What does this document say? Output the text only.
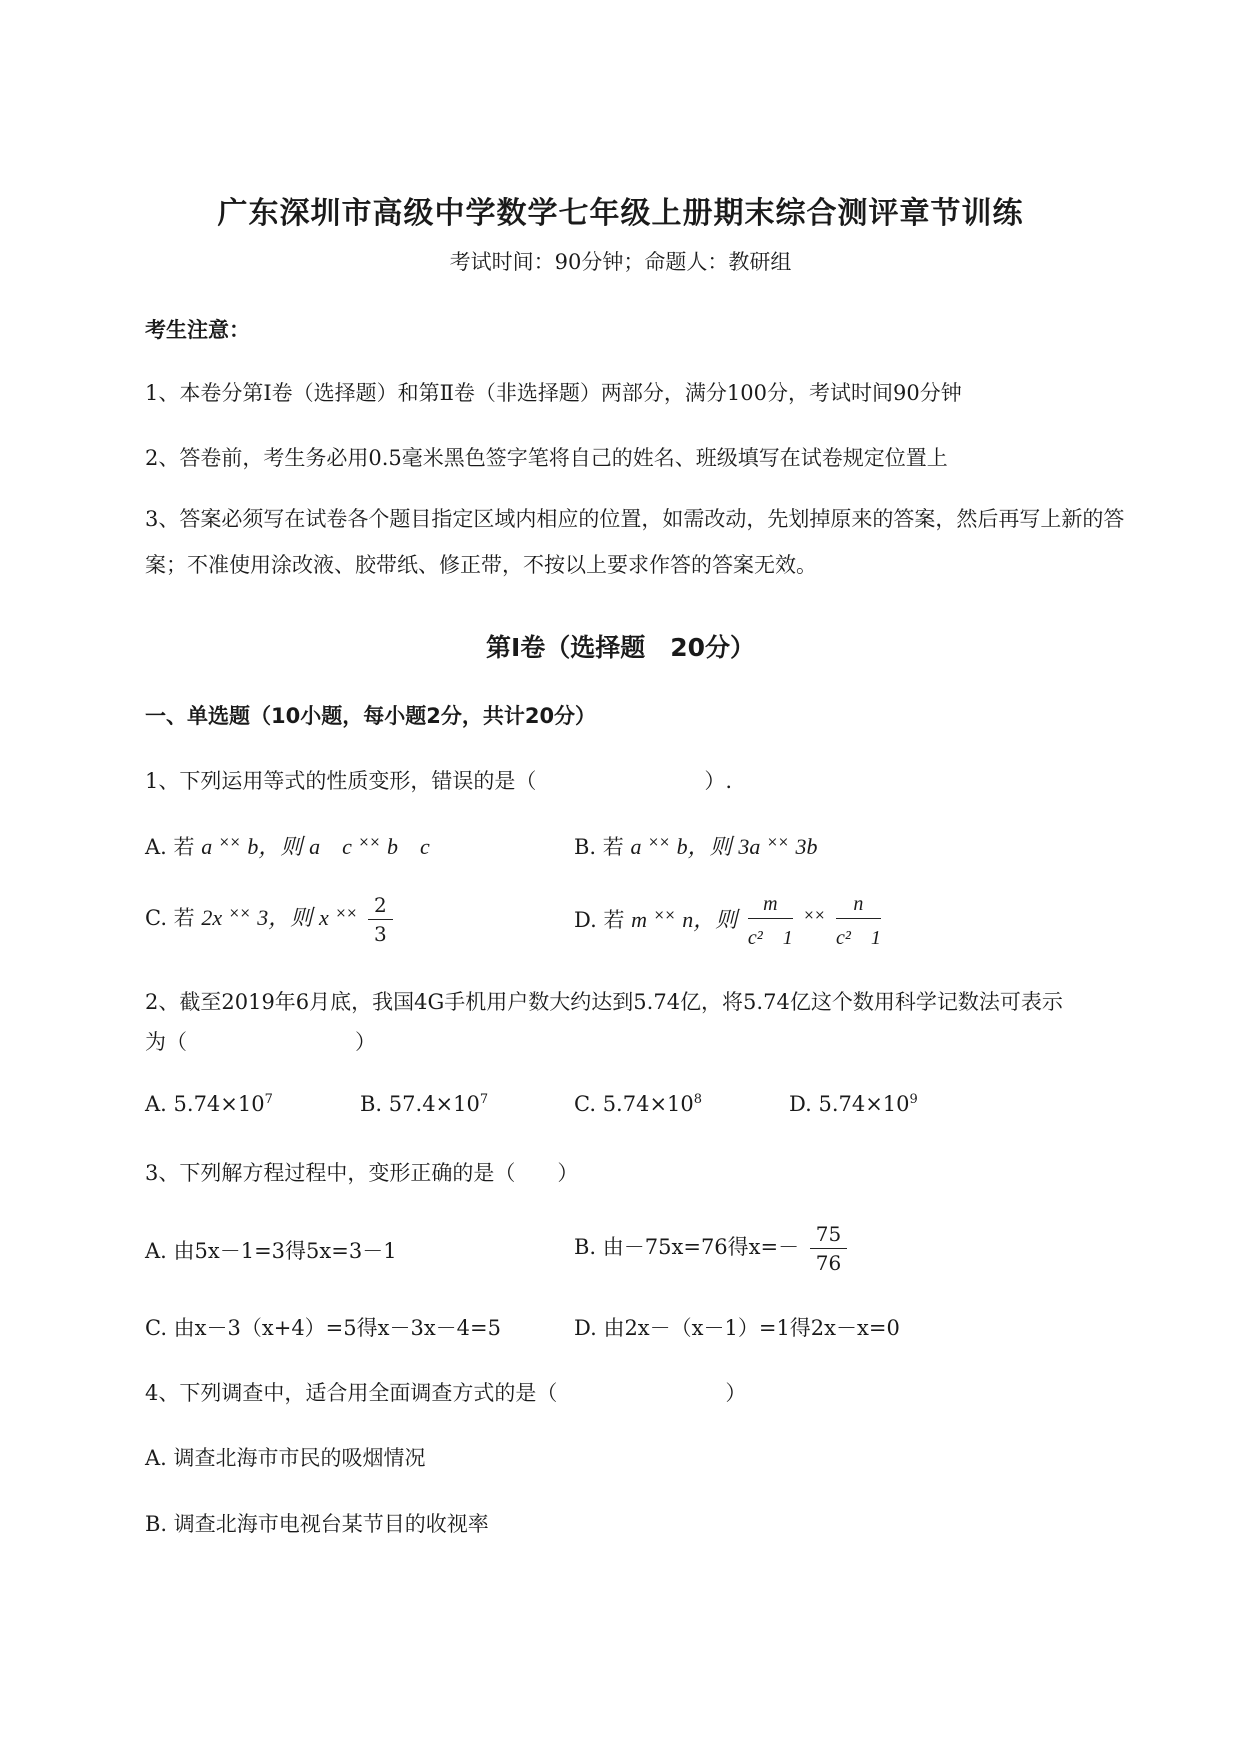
广东深圳市高级中学数学七年级上册期末综合测评章节训练
考试时间：90分钟；命题人：教研组
考生注意：
1、本卷分第I卷（选择题）和第Ⅱ卷（非选择题）两部分，满分100分，考试时间90分钟
2、答卷前，考生务必用0.5毫米黑色签字笔将自己的姓名、班级填写在试卷规定位置上
3、答案必须写在试卷各个题目指定区域内相应的位置，如需改动，先划掉原来的答案，然后再写上新的答案；不准使用涂改液、胶带纸、修正带，不按以上要求作答的答案无效。
第I卷（选择题　20分）
一、单选题（10小题，每小题2分，共计20分）
1、下列运用等式的性质变形，错误的是（　　　　　　　　）.
A. 若 a ×× b，则 a　c ×× b　c	B. 若 a ×× b，则 3a ×× 3b
C. 若 2x ×× 3，则 x $^{\times\times} \frac{2}{3}$	D. 若 m ×× n，则 $\frac{m}{\text{c²　1}} ^{\times\times} \frac{n}{\text{c²　1}}$
2、截至2019年6月底，我国4G手机用户数大约达到5.74亿，将5.74亿这个数用科学记数法可表示
为（　　　　　　　　）
A. $5.74\times 10^7$	B. $57.4\times 10^7$	C. $5.74\times 10^8$	D. $5.74\times 10^9$
3、下列解方程过程中，变形正确的是（　　）
A. 由5x－1=3得5x=3－1	B. 由－75x=76得$x=- \frac{75}{76}$
C. 由x－3（x+4）=5得x－3x－4=5	D. 由2x－（x－1）=1得2x－x=0
4、下列调查中，适合用全面调查方式的是（　　　　　　　　）
A. 调查北海市市民的吸烟情况
B. 调查北海市电视台某节目的收视率
